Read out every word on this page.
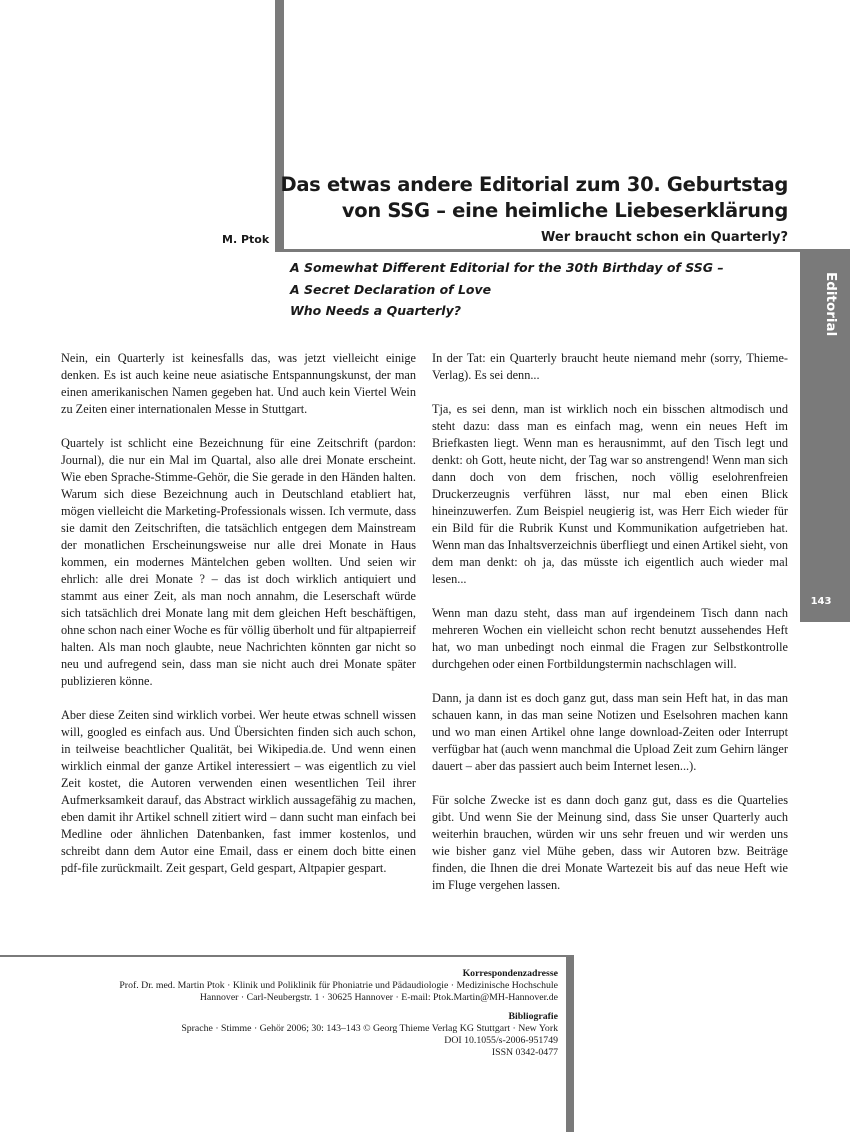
Das etwas andere Editorial zum 30. Geburtstag
von SSG – eine heimliche Liebeserklärung
Wer braucht schon ein Quarterly?
M. Ptok
A Somewhat Different Editorial for the 30th Birthday of SSG –
A Secret Declaration of Love
Who Needs a Quarterly?	Editorial
143

Nein, ein Quarterly ist keinesfalls das, was jetzt vielleicht einige denken. Es ist auch keine neue asiatische Entspannungskunst, der man einen amerikanischen Namen gegeben hat. Und auch kein Viertel Wein zu Zeiten einer internationalen Messe in Stuttgart.

Quartely ist schlicht eine Bezeichnung für eine Zeitschrift (pardon: Journal), die nur ein Mal im Quartal, also alle drei Monate erscheint. Wie eben Sprache-Stimme-Gehör, die Sie gerade in den Händen halten. Warum sich diese Bezeichnung auch in Deutschland etabliert hat, mögen vielleicht die Marketing-Professionals wissen. Ich vermute, dass sie damit den Zeitschriften, die tatsächlich entgegen dem Mainstream der monatlichen Erscheinungsweise nur alle drei Monate in Haus kommen, ein modernes Mäntelchen geben wollten. Und seien wir ehrlich: alle drei Monate ? – das ist doch wirklich antiquiert und stammt aus einer Zeit, als man noch annahm, die Leserschaft würde sich tatsächlich drei Monate lang mit dem gleichen Heft beschäftigen, ohne schon nach einer Woche es für völlig überholt und für altpapierreif halten. Als man noch glaubte, neue Nachrichten könnten gar nicht so neu und aufregend sein, dass man sie nicht auch drei Monate später publizieren könne.

Aber diese Zeiten sind wirklich vorbei. Wer heute etwas schnell wissen will, googled es einfach aus. Und Übersichten finden sich auch schon, in teilweise beachtlicher Qualität, bei Wikipedia.de. Und wenn einen wirklich einmal der ganze Artikel interessiert – was eigentlich zu viel Zeit kostet, die Autoren verwenden einen wesentlichen Teil ihrer Aufmerksamkeit darauf, das Abstract wirklich aussagefähig zu machen, eben damit ihr Artikel schnell zitiert wird – dann sucht man einfach bei Medline oder ähnlichen Datenbanken, fast immer kostenlos, und schreibt dann dem Autor eine Email, dass er einem doch bitte einen pdf-file zurückmailt. Zeit gespart, Geld gespart, Altpapier gespart.

In der Tat: ein Quarterly braucht heute niemand mehr (sorry, Thieme-Verlag). Es sei denn...

Tja, es sei denn, man ist wirklich noch ein bisschen altmodisch und steht dazu: dass man es einfach mag, wenn ein neues Heft im Briefkasten liegt. Wenn man es herausnimmt, auf den Tisch legt und denkt: oh Gott, heute nicht, der Tag war so anstrengend! Wenn man sich dann doch von dem frischen, noch völlig eselohrenfreien Druckerzeugnis verführen lässt, nur mal eben einen Blick hineinzuwerfen. Zum Beispiel neugierig ist, was Herr Eich wieder für ein Bild für die Rubrik Kunst und Kommunikation aufgetrieben hat. Wenn man das Inhaltsverzeichnis überfliegt und einen Artikel sieht, von dem man denkt: oh ja, das müsste ich eigentlich auch wieder mal lesen...

Wenn man dazu steht, dass man auf irgendeinem Tisch dann nach mehreren Wochen ein vielleicht schon recht benutzt aussehendes Heft hat, wo man unbedingt noch einmal die Fragen zur Selbstkontrolle durchgehen oder einen Fortbildungstermin nachschlagen will.

Dann, ja dann ist es doch ganz gut, dass man sein Heft hat, in das man schauen kann, in das man seine Notizen und Eselsohren machen kann und wo man einen Artikel ohne lange download-Zeiten oder Interrupt verfügbar hat (auch wenn manchmal die Upload Zeit zum Gehirn länger dauert – aber das passiert auch beim Internet lesen...).

Für solche Zwecke ist es dann doch ganz gut, dass es die Quartelies gibt. Und wenn Sie der Meinung sind, dass Sie unser Quarterly auch weiterhin brauchen, würden wir uns sehr freuen und wir werden uns wie bisher ganz viel Mühe geben, dass wir Autoren bzw. Beiträge finden, die Ihnen die drei Monate Wartezeit bis auf das neue Heft wie im Fluge vergehen lassen.

Korrespondenzadresse
Prof. Dr. med. Martin Ptok · Klinik und Poliklinik für Phoniatrie und Pädaudiologie · Medizinische Hochschule
Hannover · Carl-Neubergstr. 1 · 30625 Hannover · E-mail: Ptok.Martin@MH-Hannover.de
Bibliografie
Sprache · Stimme · Gehör 2006; 30: 143–143 © Georg Thieme Verlag KG Stuttgart · New York
DOI 10.1055/s-2006-951749
ISSN 0342-0477
